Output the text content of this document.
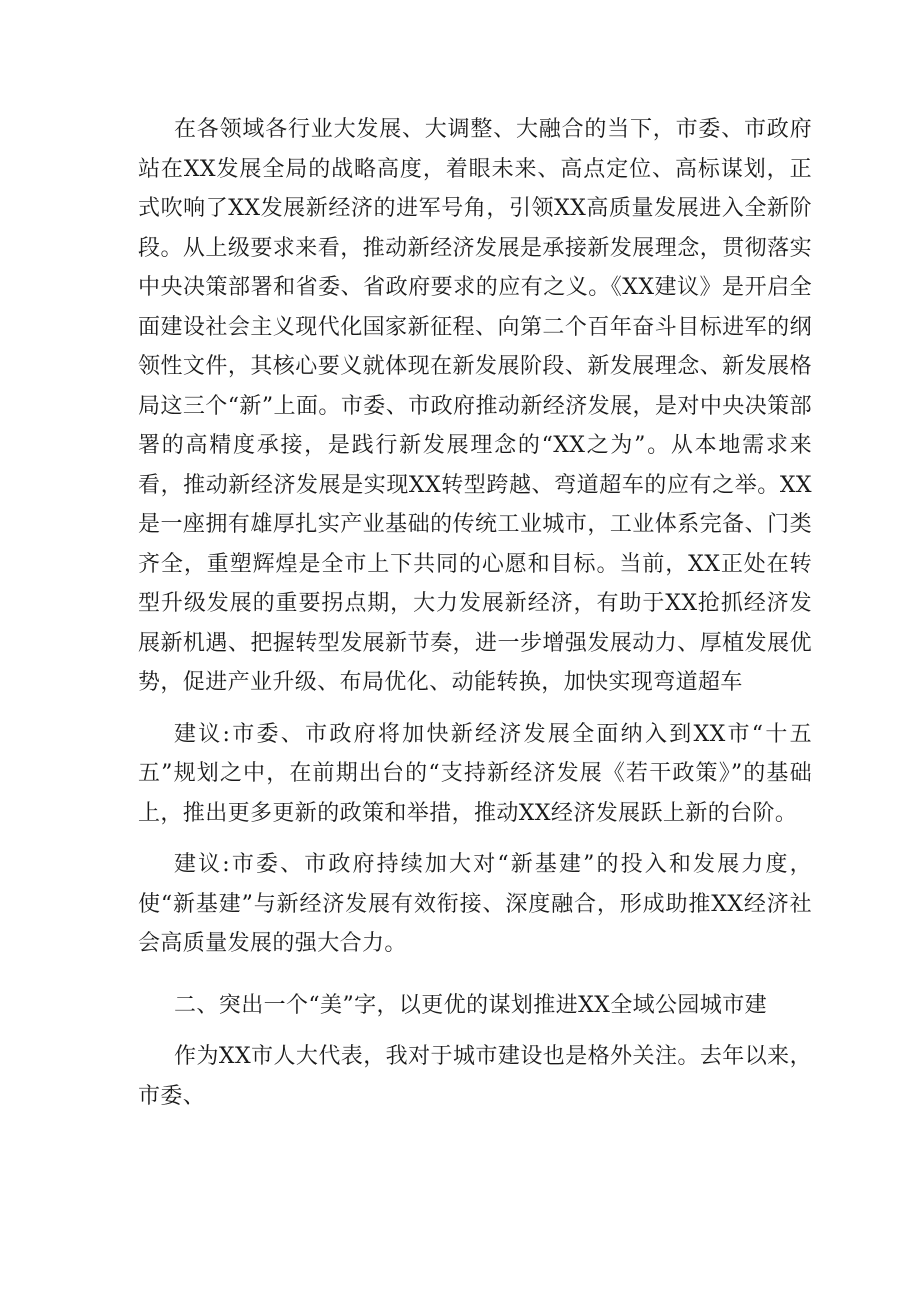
在各领域各行业大发展、大调整、大融合的当下，市委、市政府站在XX发展全局的战略高度，着眼未来、高点定位、高标谋划，正式吹响了XX发展新经济的进军号角，引领XX高质量发展进入全新阶段。从上级要求来看，推动新经济发展是承接新发展理念，贯彻落实中央决策部署和省委、省政府要求的应有之义。《XX建议》是开启全面建设社会主义现代化国家新征程、向第二个百年奋斗目标进军的纲领性文件，其核心要义就体现在新发展阶段、新发展理念、新发展格局这三个“新”上面。市委、市政府推动新经济发展，是对中央决策部署的高精度承接，是践行新发展理念的“XX之为”。从本地需求来看，推动新经济发展是实现XX转型跨越、弯道超车的应有之举。XX是一座拥有雄厚扎实产业基础的传统工业城市，工业体系完备、门类齐全，重塑辉煌是全市上下共同的心愿和目标。当前，XX正处在转型升级发展的重要拐点期，大力发展新经济，有助于XX抢抓经济发展新机遇、把握转型发展新节奏，进一步增强发展动力、厚植发展优势，促进产业升级、布局优化、动能转换，加快实现弯道超车

建议:市委、市政府将加快新经济发展全面纳入到XX市“十五五”规划之中，在前期出台的“支持新经济发展《若干政策》”的基础上，推出更多更新的政策和举措，推动XX经济发展跃上新的台阶。

建议:市委、市政府持续加大对“新基建”的投入和发展力度，使“新基建”与新经济发展有效衔接、深度融合，形成助推XX经济社会高质量发展的强大合力。

二、突出一个“美”字，以更优的谋划推进XX全域公园城市建

作为XX市人大代表，我对于城市建设也是格外关注。去年以来，市委、
